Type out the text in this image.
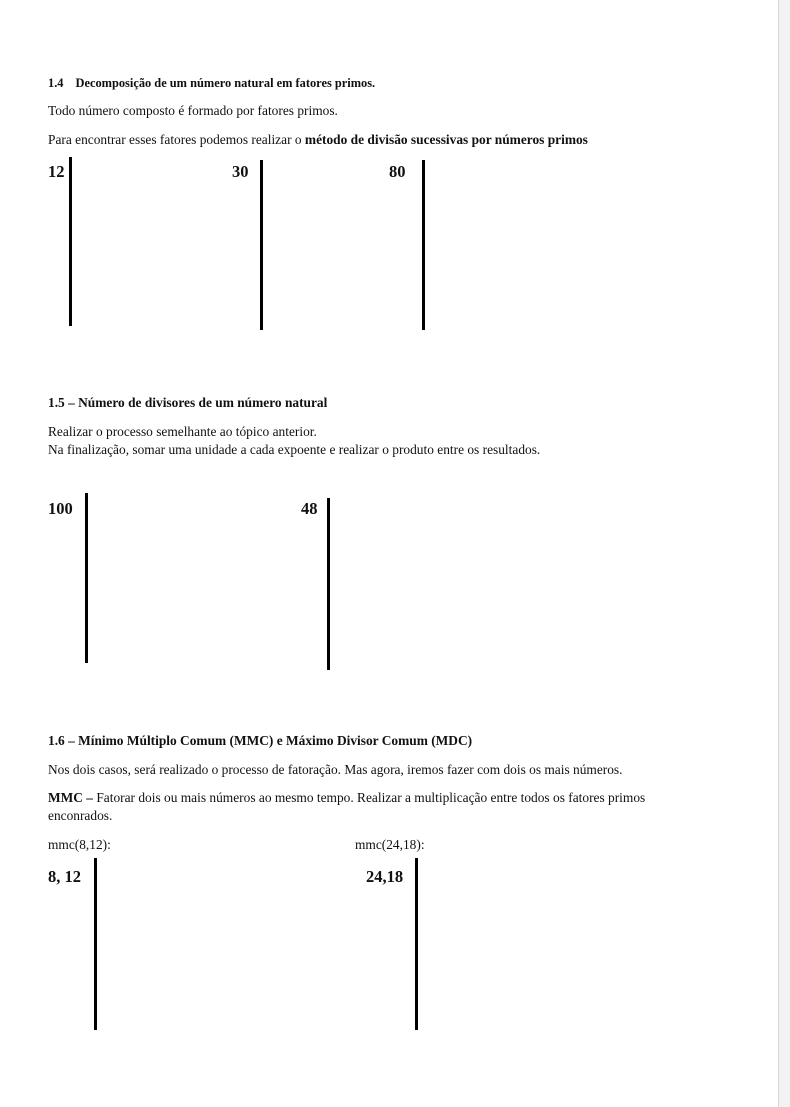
1.4 Decomposição de um número natural em fatores primos.
Todo número composto é formado por fatores primos.
Para encontrar esses fatores podemos realizar o método de divisão sucessivas por números primos
12	30	80
1.5 – Número de divisores de um número natural
Realizar o processo semelhante ao tópico anterior.
Na finalização, somar uma unidade a cada expoente e realizar o produto entre os resultados.
100	48
1.6 – Mínimo Múltiplo Comum (MMC) e Máximo Divisor Comum (MDC)
Nos dois casos, será realizado o processo de fatoração. Mas agora, iremos fazer com dois os mais números.
MMC – Fatorar dois ou mais números ao mesmo tempo. Realizar a multiplicação entre todos os fatores primos
enconrados.
mmc(8,12):	mmc(24,18):
8, 12	24,18
